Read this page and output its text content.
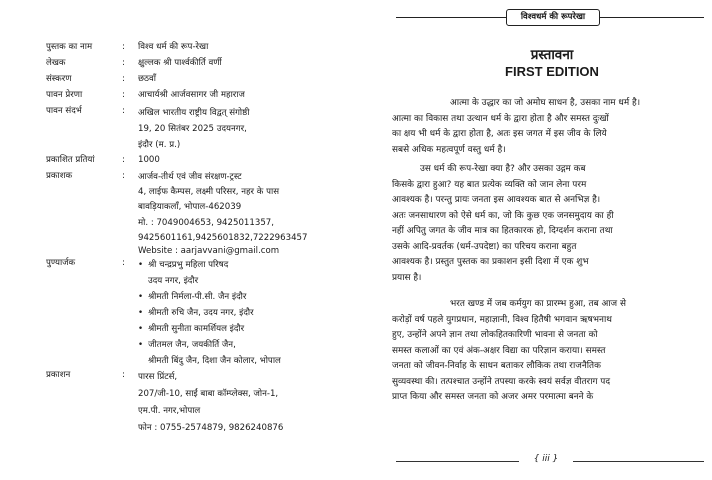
पुस्तक का नाम	: विश्व धर्म की रूप-रेखा
लेखक	: क्षुल्लक श्री पार्श्वकीर्ति वर्णी
संस्करण	: छठवाँ
पावन प्रेरणा	: आचार्यश्री आर्जवसागर जी महाराज
पावन संदर्भ	: अखिल भारतीय राष्ट्रीय विद्वत् संगोष्ठी
19, 20 सितंबर 2025 उदयनगर,
इंदौर (म. प्र.)
प्रकाशित प्रतियां	: 1000
प्रकाशक	: आर्जव-तीर्थ एवं जीव संरक्षण-ट्रस्ट
4, लाईफ कैम्पस, लक्ष्मी परिसर, नहर के पास
बावड़ियाकलाँ, भोपाल-462039
मो. : 7049004653, 9425011357,
9425601161,9425601832,7222963457
Website : aarjavvani@gmail.com
पुण्यार्जक	:	• श्री चन्द्रप्रभु महिला परिषद
उदय नगर, इंदौर
• श्रीमती निर्मला-पी.सी. जैन इंदौर
• श्रीमती रुचि जैन, उदय नगर, इंदौर
• श्रीमती सुनीता कामर्शियल इंदौर
• जीतमल जैन, जयकीर्ति जैन,
श्रीमती बिंदु जैन, दिशा जैन कोलार, भोपाल
प्रकाशन	: पारस प्रिंटर्स,
207/जी-10, साईं बाबा कॉम्प्लेक्स, जोन-1,
एम.पी. नगर,भोपाल
फोन : 0755-2574879, 9826240876
विश्वधर्म की रूपरेखा
प्रस्तावना
FIRST EDITION
आत्मा के उद्धार का जो अमोघ साधन है, उसका नाम धर्म है।
आत्मा का विकास तथा उत्थान धर्म के द्वारा होता है और समस्त दुःखों
का क्षय भी धर्म के द्वारा होता है, अतः इस जगत में इस जीव के लिये
सबसे अधिक महत्वपूर्ण वस्तु धर्म है।
उस धर्म की रूप-रेखा क्या है? और उसका उद्गम कब
किसके द्वारा हुआ? यह बात प्रत्येक व्यक्ति को जान लेना परम
आवश्यक है। परन्तु प्रायः जनता इस आवश्यक बात से अनभिज्ञ है।
अतः जनसाधारण को ऐसे धर्म का, जो कि कुछ एक जनसमुदाय का ही
नहीं अपितु जगत के जीव मात्र का हितकारक हो, दिग्दर्शन कराना तथा
उसके आदि-प्रवर्तक (धर्म-उपदेष्टा) का परिचय कराना बहुत
आवश्यक है। प्रस्तुत पुस्तक का प्रकाशन इसी दिशा में एक शुभ
प्रयास है।
भरत खण्ड में जब कर्मयुग का प्रारम्भ हुआ, तब आज से
करोड़ों वर्ष पहले युगप्रधान, महाज्ञानी, विश्व हितैषी भगवान ऋषभनाथ
हुए, उन्होंने अपने ज्ञान तथा लोकहितकारिणी भावना से जनता को
समस्त कलाओं का एवं अंक-अक्षर विद्या का परिज्ञान कराया। समस्त
जनता को जीवन-निर्वाह के साधन बताकर लौकिक तथा राजनैतिक
सुव्यवस्था की। तत्पश्चात उन्होंने तपस्या करके स्वयं सर्वज्ञ वीतराग पद
प्राप्त किया और समस्त जनता को अजर अमर परमात्मा बनने के
{ iii }
